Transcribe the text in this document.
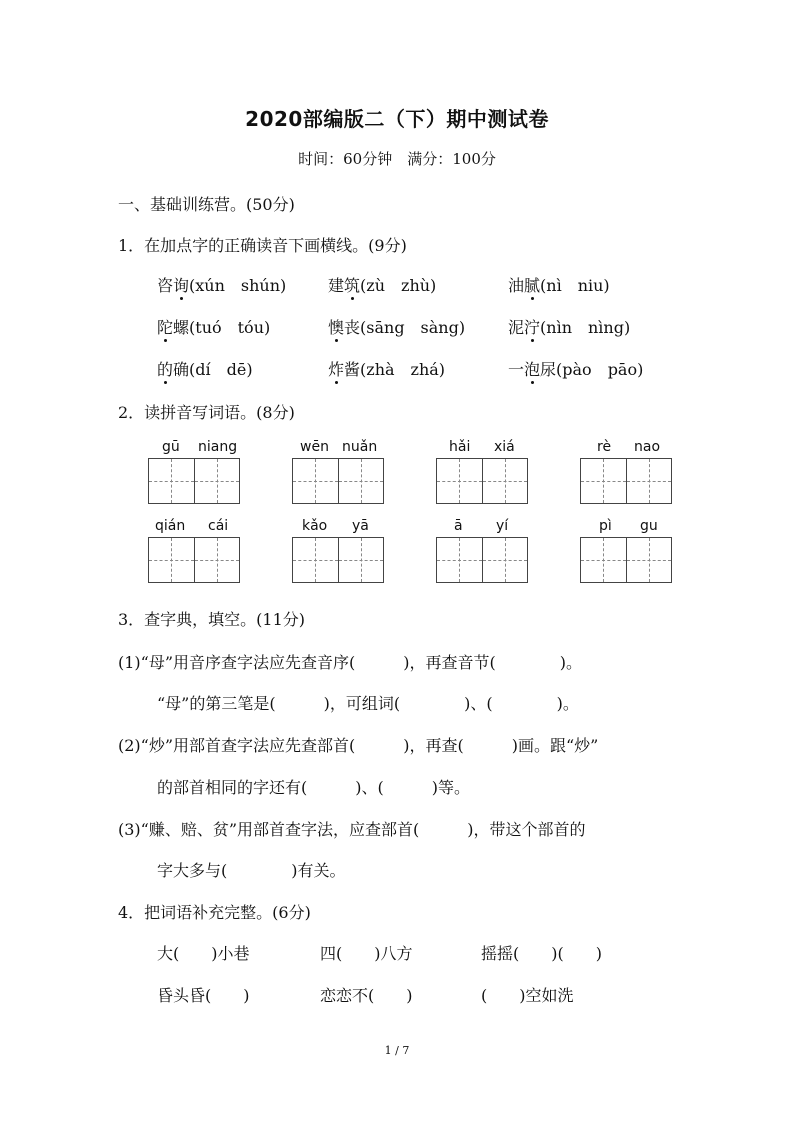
2020部编版二（下）期中测试卷
时间：60分钟　满分：100分
一、基础训练营。(50分)
1．在加点字的正确读音下画横线。(9分)
咨询(xún　shún)	建筑(zù　zhù)	油腻(nì　niu)
陀螺(tuó　tóu)	懊丧(sāng　sàng)	泥泞(nìn　nìng)
的确(dí　dē)	炸酱(zhà　zhá)	一泡尿(pào　pāo)
2．读拼音写词语。(8分)
gū niang	wēn nuǎn	hǎi xiá	rè nao
qián cái	kǎo yā	ā yí	pì gu
3．查字典，填空。(11分)
(1)“母”用音序查字法应先查音序(　　　)，再查音节(　　　　)。
“母”的第三笔是(　　　)，可组词(　　　　)、(　　　　)。
(2)“炒”用部首查字法应先查部首(　　　)，再查(　　　)画。跟“炒”
的部首相同的字还有(　　　)、(　　　)等。
(3)“赚、赔、贫”用部首查字法，应查部首(　　　)，带这个部首的
字大多与(　　　　)有关。
4．把词语补充完整。(6分)
大(　　)小巷	四(　　)八方	摇摇(　　)(　　)
昏头昏(　　)	恋恋不(　　)	(　　)空如洗
1 / 7
